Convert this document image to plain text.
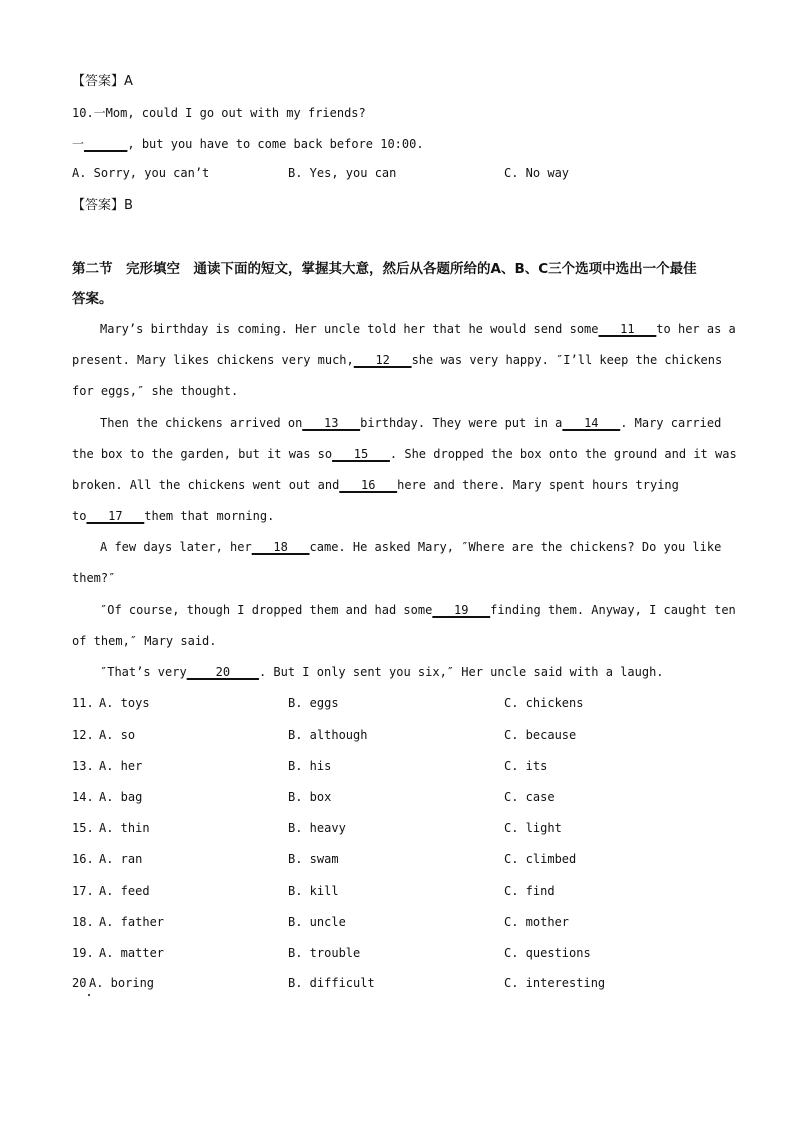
【答案】A
10.一Mom, could I go out with my friends?
一______, but you have to come back before 10:00.
A. Sorry, you can’t	B. Yes, you can	C. No way
【答案】B
第二节　完形填空　通读下面的短文，掌握其大意，然后从各题所给的A、B、C三个选项中选出一个最佳
答案。
Mary’s birthday is coming. Her uncle told her that he would send some___11___to her as a
present. Mary likes chickens very much,___12___she was very happy. ″I’ll keep the chickens
for eggs,″ she thought.
Then the chickens arrived on___13___birthday. They were put in a___14___. Mary carried
the box to the garden, but it was so___15___. She dropped the box onto the ground and it was
broken. All the chickens went out and___16___here and there. Mary spent hours trying
to___17___them that morning.
A few days later, her___18___came. He asked Mary, ″Where are the chickens? Do you like
them?″
″Of course, though I dropped them and had some___19___finding them. Anyway, I caught ten
of them,″ Mary said.
″That’s very____20____. But I only sent you six,″ Her uncle said with a laugh.
11. A. toys	B. eggs	C. chickens
12. A. so	B. although	C. because
13. A. her	B. his	C. its
14. A. bag	B. box	C. case
15. A. thin	B. heavy	C. light
16. A. ran	B. swam	C. climbed
17. A. feed	B. kill	C. find
18. A. father	B. uncle	C. mother
19. A. matter	B. trouble	C. questions
20 A. boring	B. difficult	C. interesting
